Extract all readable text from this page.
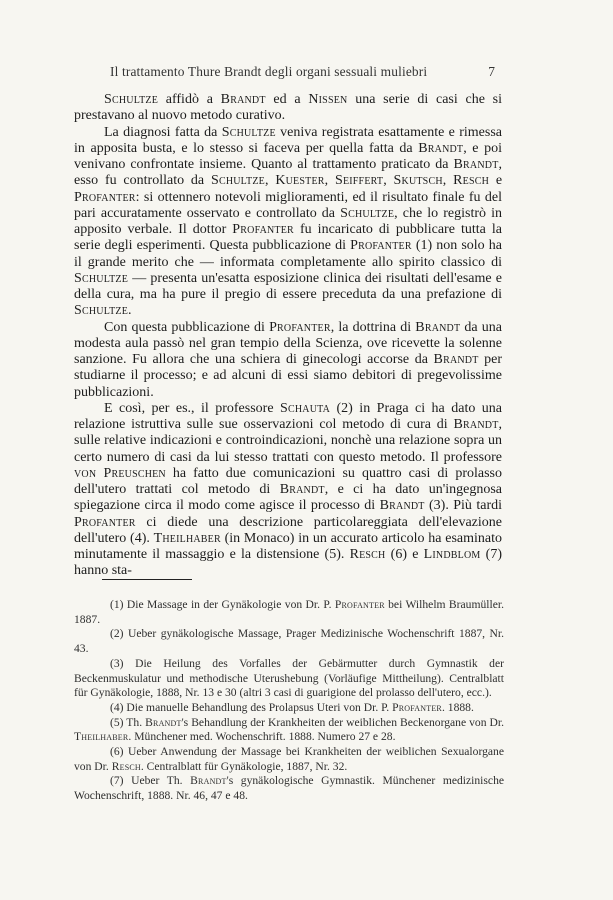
Il trattamento Thure Brandt degli organi sessuali muliebri	7

Schultze affidò a Brandt ed a Nissen una serie di casi che si prestavano al nuovo metodo curativo.

La diagnosi fatta da Schultze veniva registrata esattamente e rimessa in apposita busta, e lo stesso si faceva per quella fatta da Brandt, e poi venivano confrontate insieme. Quanto al trattamento praticato da Brandt, esso fu controllato da Schultze, Kuester, Seiffert, Skutsch, Resch e Profanter: si ottennero notevoli miglioramenti, ed il risultato finale fu del pari accuratamente osservato e controllato da Schultze, che lo registrò in apposito verbale. Il dottor Profanter fu incaricato di pubblicare tutta la serie degli esperimenti. Questa pubblicazione di Profanter (1) non solo ha il grande merito che — informata completamente allo spirito classico di Schultze — presenta un'esatta esposizione clinica dei risultati dell'esame e della cura, ma ha pure il pregio di essere preceduta da una prefazione di Schultze.

Con questa pubblicazione di Profanter, la dottrina di Brandt da una modesta aula passò nel gran tempio della Scienza, ove ricevette la solenne sanzione. Fu allora che una schiera di ginecologi accorse da Brandt per studiarne il processo; e ad alcuni di essi siamo debitori di pregevolissime pubblicazioni.

E così, per es., il professore Schauta (2) in Praga ci ha dato una relazione istruttiva sulle sue osservazioni col metodo di cura di Brandt, sulle relative indicazioni e controindicazioni, nonchè una relazione sopra un certo numero di casi da lui stesso trattati con questo metodo. Il professore von Preuschen ha fatto due comunicazioni su quattro casi di prolasso dell'utero trattati col metodo di Brandt, e ci ha dato un'ingegnosa spiegazione circa il modo come agisce il processo di Brandt (3). Più tardi Profanter ci diede una descrizione particolareggiata dell'elevazione dell'utero (4). Theilhaber (in Monaco) in un accurato articolo ha esaminato minutamente il massaggio e la distensione (5). Resch (6) e Lindblom (7) hanno sta-

(1) Die Massage in der Gynäkologie von Dr. P. Profanter bei Wilhelm Braumüller. 1887.

(2) Ueber gynäkologische Massage, Prager Medizinische Wochenschrift 1887, Nr. 43.

(3) Die Heilung des Vorfalles der Gebärmutter durch Gymnastik der Beckenmuskulatur und methodische Uterushebung (Vorläufige Mittheilung). Centralblatt für Gynäkologie, 1888, Nr. 13 e 30 (altri 3 casi di guarigione del prolasso dell'utero, ecc.).

(4) Die manuelle Behandlung des Prolapsus Uteri von Dr. P. Profanter. 1888.

(5) Th. Brandt's Behandlung der Krankheiten der weiblichen Beckenorgane von Dr. Theilhaber. Münchener med. Wochenschrift. 1888. Numero 27 e 28.

(6) Ueber Anwendung der Massage bei Krankheiten der weiblichen Sexualorgane von Dr. Resch. Centralblatt für Gynäkologie, 1887, Nr. 32.

(7) Ueber Th. Brandt's gynäkologische Gymnastik. Münchener medizinische Wochenschrift, 1888. Nr. 46, 47 e 48.
